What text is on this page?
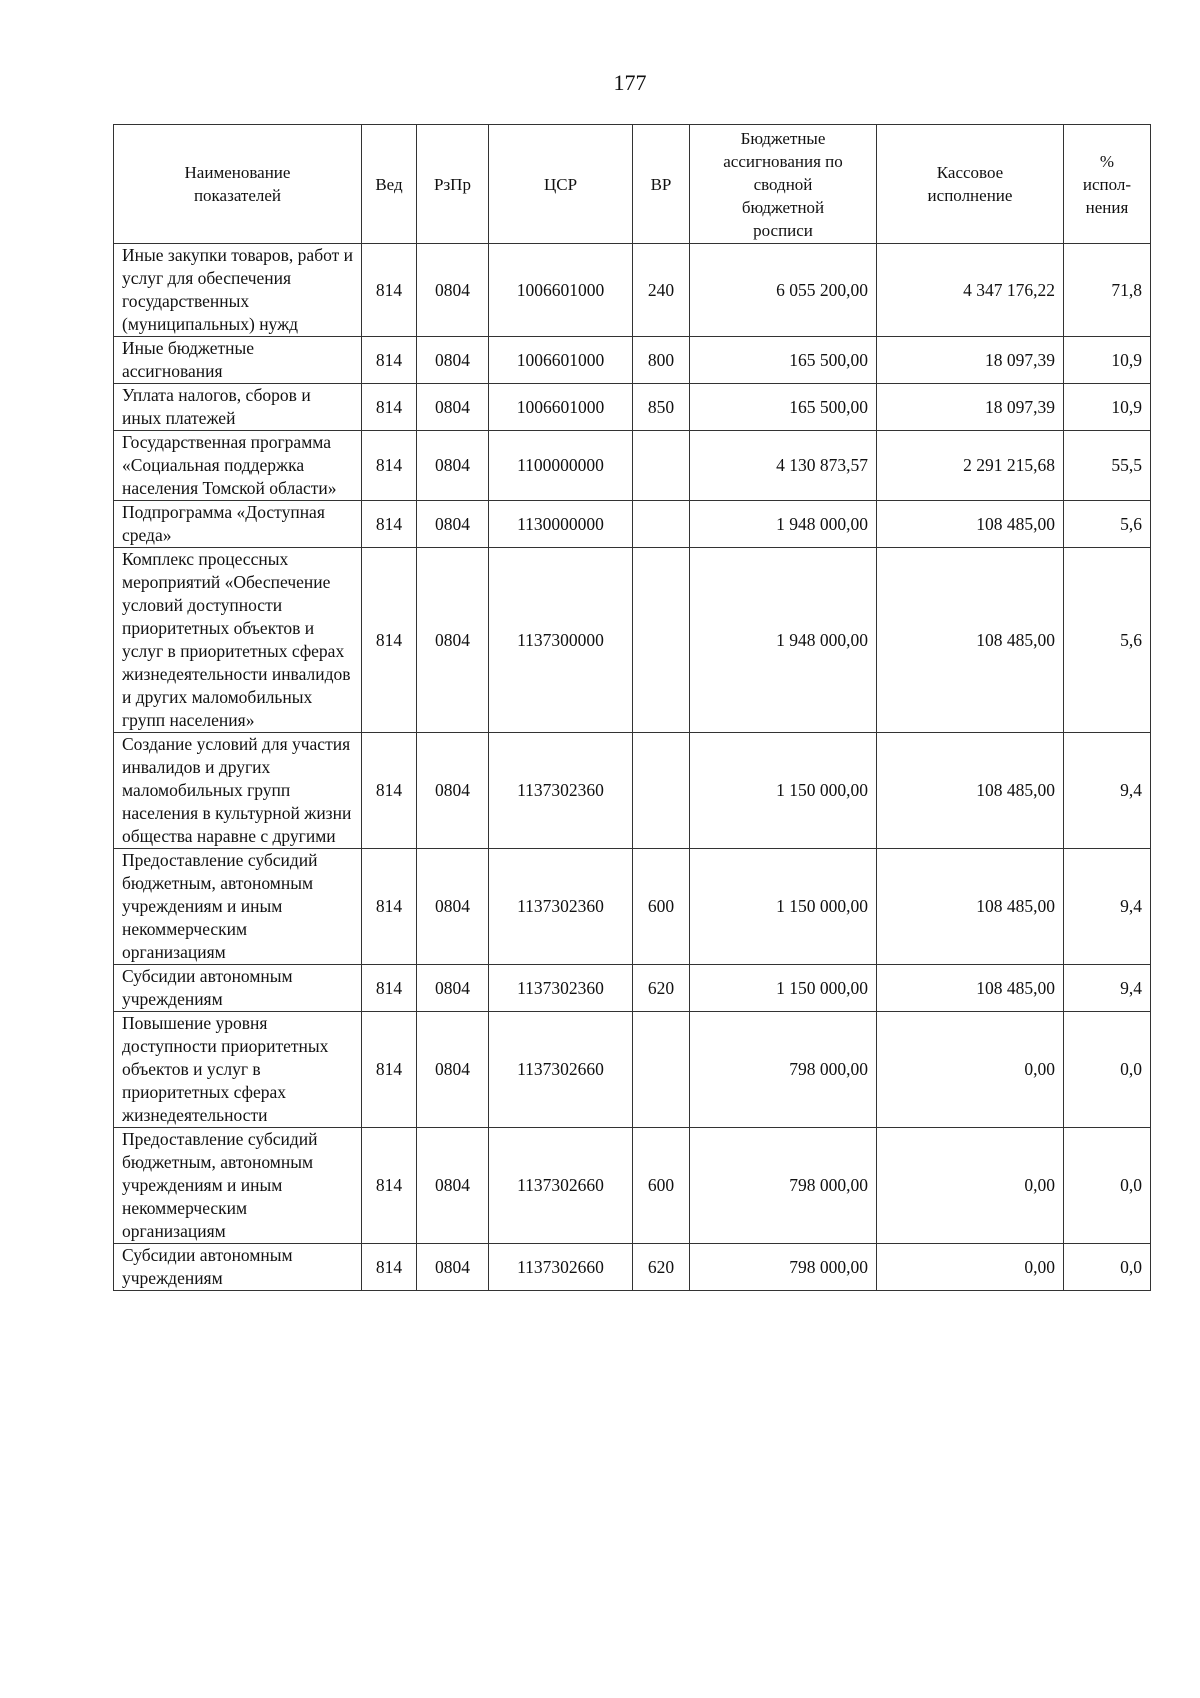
177
Наименование показателей	Вед	РзПр	ЦСР	ВР	Бюджетные ассигнования по сводной бюджетной росписи	Кассовое исполнение	% испол- нения
Иные закупки товаров, работ и услуг для обеспечения государственных (муниципальных) нужд	814	0804	1006601000	240	6 055 200,00	4 347 176,22	71,8
Иные бюджетные ассигнования	814	0804	1006601000	800	165 500,00	18 097,39	10,9
Уплата налогов, сборов и иных платежей	814	0804	1006601000	850	165 500,00	18 097,39	10,9
Государственная программа «Социальная поддержка населения Томской области»	814	0804	1100000000		4 130 873,57	2 291 215,68	55,5
Подпрограмма «Доступная среда»	814	0804	1130000000		1 948 000,00	108 485,00	5,6
Комплекс процессных мероприятий «Обеспечение условий доступности приоритетных объектов и услуг в приоритетных сферах жизнедеятельности инвалидов и других маломобильных групп населения»	814	0804	1137300000		1 948 000,00	108 485,00	5,6
Создание условий для участия инвалидов и других маломобильных групп населения в культурной жизни общества наравне с другими	814	0804	1137302360		1 150 000,00	108 485,00	9,4
Предоставление субсидий бюджетным, автономным учреждениям и иным некоммерческим организациям	814	0804	1137302360	600	1 150 000,00	108 485,00	9,4
Субсидии автономным учреждениям	814	0804	1137302360	620	1 150 000,00	108 485,00	9,4
Повышение уровня доступности приоритетных объектов и услуг в приоритетных сферах жизнедеятельности	814	0804	1137302660		798 000,00	0,00	0,0
Предоставление субсидий бюджетным, автономным учреждениям и иным некоммерческим организациям	814	0804	1137302660	600	798 000,00	0,00	0,0
Субсидии автономным учреждениям	814	0804	1137302660	620	798 000,00	0,00	0,0
